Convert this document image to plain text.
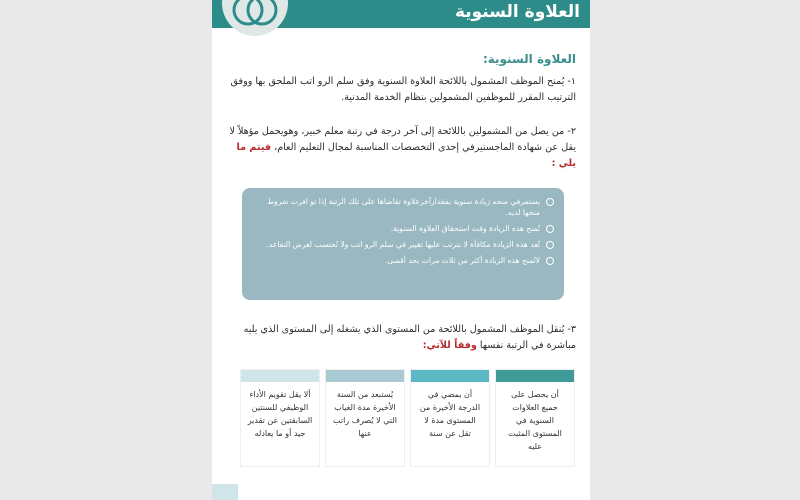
العلاوة السنوية
العلاوة السنوية:

١- يُمنح الموظف المشمول باللائحة العلاوة السنوية وفق سلم الرو اتب الملحق بها ووفق الترتيب المقرر للموظفين المشمولين بنظام الخدمة المدنية.

٢- من يصل من المشمولين باللائحة إلى آخر درجة في رتبة معلم خبير، وهويحمل مؤهلاً لا يقل عن شهادة الماجستيرفي إحدى التخصصات المناسبة لمجال التعليم العام، فيتم ما يلي :

يستمرفي منحه زيادة سنوية بمقدارآخرعلاوة تقاضاها على تلك الرتبة إذا تو افرت شروط منحها لديه.
تُمنح هذه الزيادة وقت استحقاق العلاوة السنوية.
تُعد هذه الزيادة مكافأة لا يترتب عليها تغيير في سلم الرو اتب ولا تُحتسب لغرض التقاعد.
لاتُمنح هذه الزيادة أكثر من ثلاث مرات بحد أقصى.

٣- يُنقل الموظف المشمول باللائحة من المستوى الذي يشغله إلى المستوى الذي يليه مباشرة في الرتبة نفسها وفقاً للآتي:

أن يحصل على جميع العلاوات السنوية في المستوى المثبت عليه

أن يمضي في الدرجة الأخيرة من المستوى مدة لا تقل عن سنة

يُستبعد من السنة الأخيرة مدة الغياب التي لا يُصرف راتب عنها

ألا يقل تقويم الأداء الوظيفي للسنتين السابقتين عن تقدير جيد أو ما يعادله
